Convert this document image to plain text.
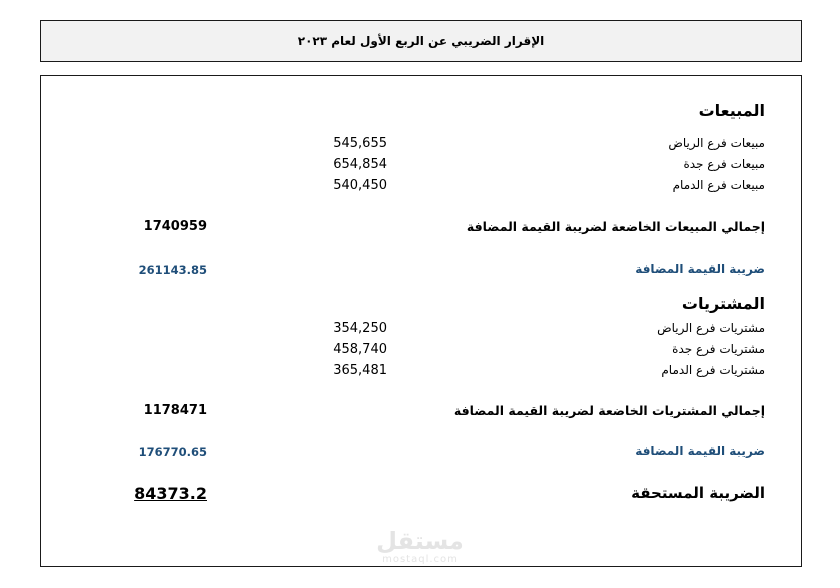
الإقرار الضريبي عن الربع الأول لعام ٢٠٢٣
المبيعات
مبيعات فرع الرياض
545,655
مبيعات فرع جدة
654,854
مبيعات فرع الدمام
540,450
إجمالي المبيعات الخاضعة لضريبة القيمة المضافة
1740959
ضريبة القيمة المضافة
261143.85
المشتريات
مشتريات فرع الرياض
354,250
مشتريات فرع جدة
458,740
مشتريات فرع الدمام
365,481
إجمالي المشتريات الخاضعة لضريبة القيمة المضافة
1178471
ضريبة القيمة المضافة
176770.65
الضريبة المستحقة
84373.2
مستقل
mostaql.com
